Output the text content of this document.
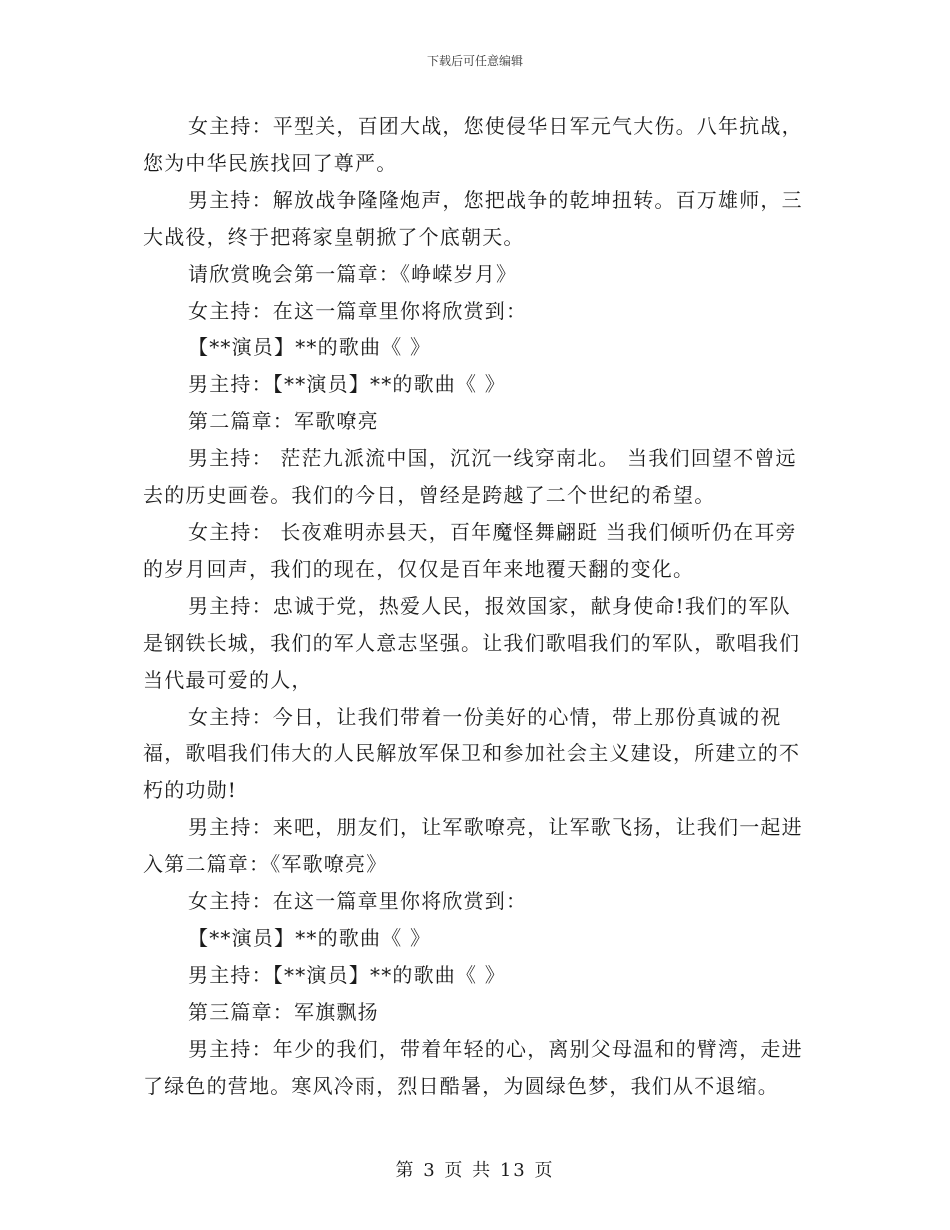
下载后可任意编辑

女主持：平型关，百团大战，您使侵华日军元气大伤。八年抗战，您为中华民族找回了尊严。

男主持：解放战争隆隆炮声，您把战争的乾坤扭转。百万雄师，三大战役，终于把蒋家皇朝掀了个底朝天。

请欣赏晚会第一篇章：《峥嵘岁月》

女主持：在这一篇章里你将欣赏到：

【**演员】**的歌曲《 》

男主持：【**演员】**的歌曲《 》

第二篇章：军歌嘹亮

男主持： 茫茫九派流中国，沉沉一线穿南北。 当我们回望不曾远去的历史画卷。我们的今日，曾经是跨越了二个世纪的希望。

女主持： 长夜难明赤县天，百年魔怪舞翩跹 当我们倾听仍在耳旁的岁月回声，我们的现在，仅仅是百年来地覆天翻的变化。

男主持：忠诚于党，热爱人民，报效国家，献身使命!我们的军队是钢铁长城，我们的军人意志坚强。让我们歌唱我们的军队，歌唱我们当代最可爱的人，

女主持：今日，让我们带着一份美好的心情，带上那份真诚的祝福，歌唱我们伟大的人民解放军保卫和参加社会主义建设，所建立的不朽的功勋!

男主持：来吧，朋友们，让军歌嘹亮，让军歌飞扬，让我们一起进入第二篇章：《军歌嘹亮》

女主持：在这一篇章里你将欣赏到：

【**演员】**的歌曲《 》

男主持：【**演员】**的歌曲《 》

第三篇章：军旗飘扬

男主持：年少的我们，带着年轻的心，离别父母温和的臂湾，走进了绿色的营地。寒风冷雨，烈日酷暑，为圆绿色梦，我们从不退缩。

第 3 页 共 13 页
